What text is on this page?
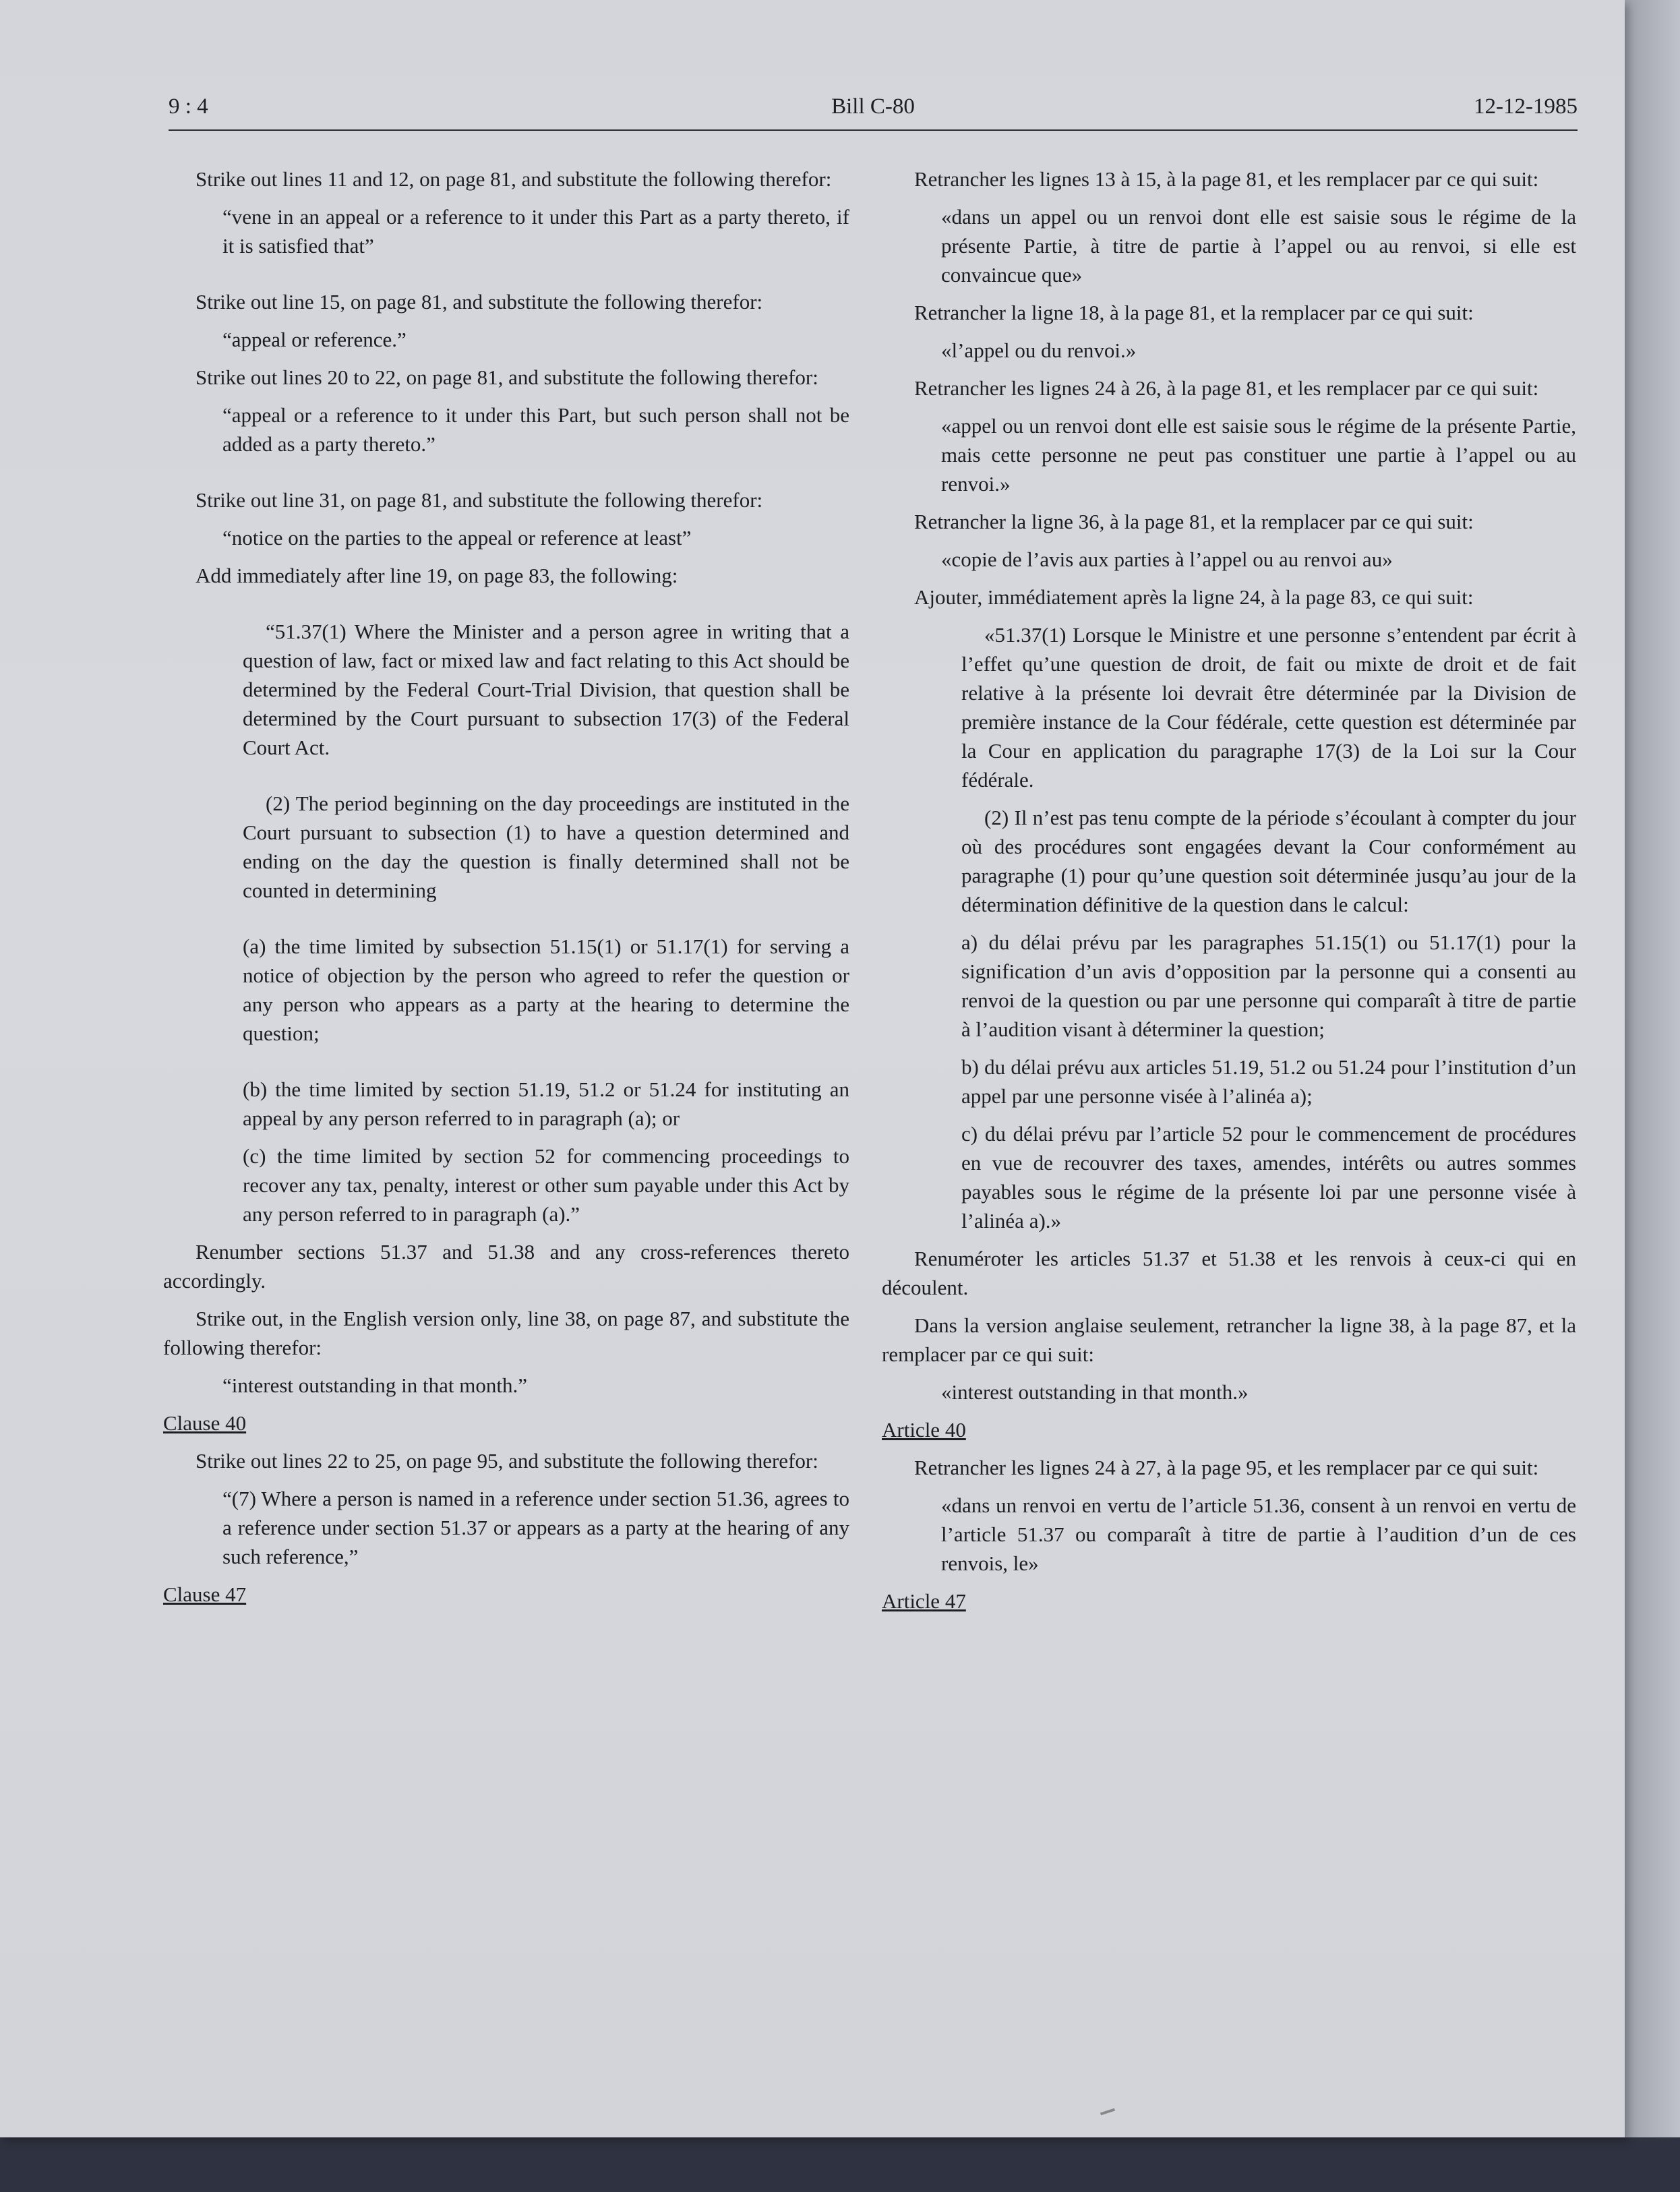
9 : 4	Bill C-80	12-12-1985

Strike out lines 11 and 12, on page 81, and substitute the following therefor:

“vene in an appeal or a reference to it under this Part as a party thereto, if it is satisfied that”

Strike out line 15, on page 81, and substitute the following therefor:

“appeal or reference.”

Strike out lines 20 to 22, on page 81, and substitute the following therefor:

“appeal or a reference to it under this Part, but such person shall not be added as a party thereto.”

Strike out line 31, on page 81, and substitute the following therefor:

“notice on the parties to the appeal or reference at least”

Add immediately after line 19, on page 83, the following:

“51.37(1) Where the Minister and a person agree in writing that a question of law, fact or mixed law and fact relating to this Act should be determined by the Federal Court-Trial Division, that question shall be determined by the Court pursuant to subsection 17(3) of the Federal Court Act.

(2) The period beginning on the day proceedings are instituted in the Court pursuant to subsection (1) to have a question determined and ending on the day the question is finally determined shall not be counted in determining

(a) the time limited by subsection 51.15(1) or 51.17(1) for serving a notice of objection by the person who agreed to refer the question or any person who appears as a party at the hearing to determine the question;

(b) the time limited by section 51.19, 51.2 or 51.24 for instituting an appeal by any person referred to in paragraph (a); or

(c) the time limited by section 52 for commencing proceedings to recover any tax, penalty, interest or other sum payable under this Act by any person referred to in paragraph (a).”

Renumber sections 51.37 and 51.38 and any cross-references thereto accordingly.

Strike out, in the English version only, line 38, on page 87, and substitute the following therefor:

“interest outstanding in that month.”

Clause 40

Strike out lines 22 to 25, on page 95, and substitute the following therefor:

“(7) Where a person is named in a reference under section 51.36, agrees to a reference under section 51.37 or appears as a party at the hearing of any such reference,”

Clause 47

Retrancher les lignes 13 à 15, à la page 81, et les remplacer par ce qui suit:

«dans un appel ou un renvoi dont elle est saisie sous le régime de la présente Partie, à titre de partie à l’appel ou au renvoi, si elle est convaincue que»

Retrancher la ligne 18, à la page 81, et la remplacer par ce qui suit:

«l’appel ou du renvoi.»

Retrancher les lignes 24 à 26, à la page 81, et les remplacer par ce qui suit:

«appel ou un renvoi dont elle est saisie sous le régime de la présente Partie, mais cette personne ne peut pas constituer une partie à l’appel ou au renvoi.»

Retrancher la ligne 36, à la page 81, et la remplacer par ce qui suit:

«copie de l’avis aux parties à l’appel ou au renvoi au»

Ajouter, immédiatement après la ligne 24, à la page 83, ce qui suit:

«51.37(1) Lorsque le Ministre et une personne s’entendent par écrit à l’effet qu’une question de droit, de fait ou mixte de droit et de fait relative à la présente loi devrait être déterminée par la Division de première instance de la Cour fédérale, cette question est déterminée par la Cour en application du paragraphe 17(3) de la Loi sur la Cour fédérale.

(2) Il n’est pas tenu compte de la période s’écoulant à compter du jour où des procédures sont engagées devant la Cour conformément au paragraphe (1) pour qu’une question soit déterminée jusqu’au jour de la détermination définitive de la question dans le calcul:

a) du délai prévu par les paragraphes 51.15(1) ou 51.17(1) pour la signification d’un avis d’opposition par la personne qui a consenti au renvoi de la question ou par une personne qui comparaît à titre de partie à l’audition visant à déterminer la question;

b) du délai prévu aux articles 51.19, 51.2 ou 51.24 pour l’institution d’un appel par une personne visée à l’alinéa a);

c) du délai prévu par l’article 52 pour le commencement de procédures en vue de recouvrer des taxes, amendes, intérêts ou autres sommes payables sous le régime de la présente loi par une personne visée à l’alinéa a).»

Renuméroter les articles 51.37 et 51.38 et les renvois à ceux-ci qui en découlent.

Dans la version anglaise seulement, retrancher la ligne 38, à la page 87, et la remplacer par ce qui suit:

«interest outstanding in that month.»

Article 40

Retrancher les lignes 24 à 27, à la page 95, et les remplacer par ce qui suit:

«dans un renvoi en vertu de l’article 51.36, consent à un renvoi en vertu de l’article 51.37 ou comparaît à titre de partie à l’audition d’un de ces renvois, le»

Article 47
